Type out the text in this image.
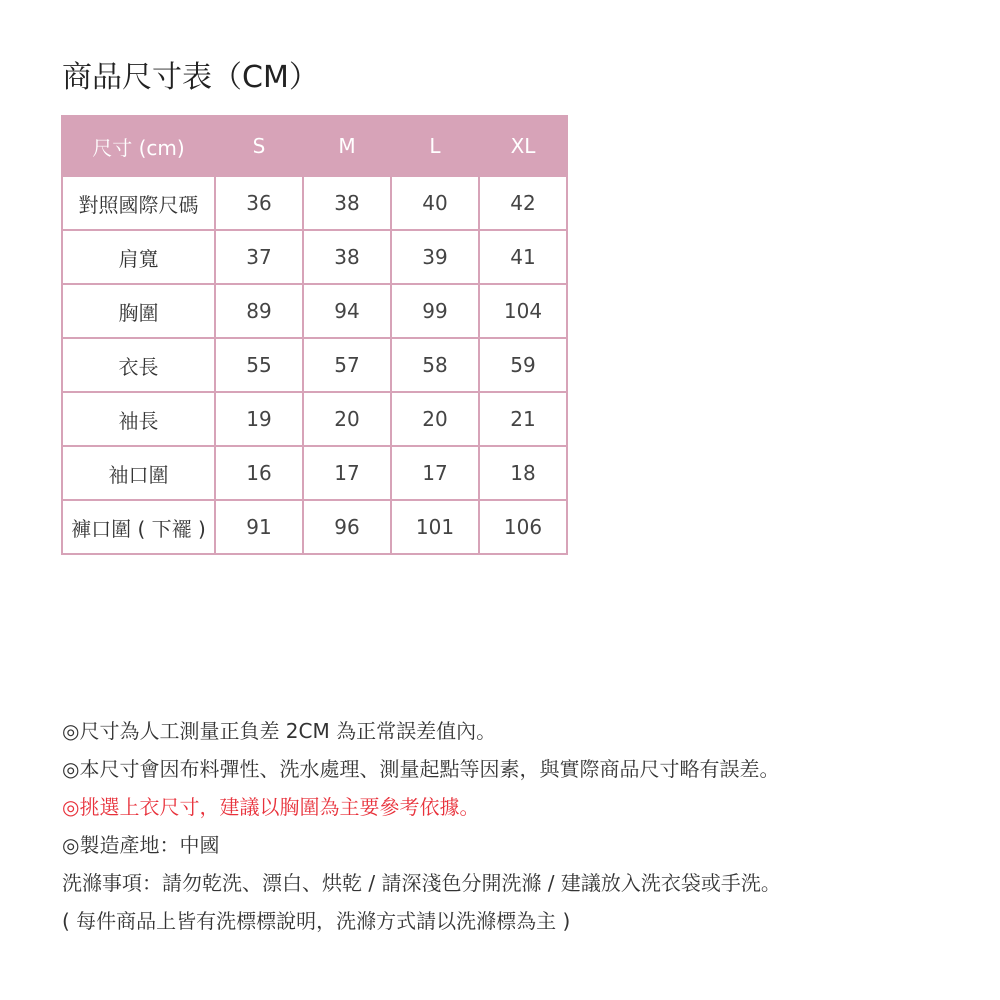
商品尺寸表（CM）
尺寸 (cm)	S	M	L	XL
對照國際尺碼	36	38	40	42
肩寬	37	38	39	41
胸圍	89	94	99	104
衣長	55	57	58	59
袖長	19	20	20	21
袖口圍	16	17	17	18
褲口圍 ( 下襬 )	91	96	101	106
◎尺寸為人工測量正負差 2CM 為正常誤差值內。
◎本尺寸會因布料彈性、洗水處理、測量起點等因素，與實際商品尺寸略有誤差。
◎挑選上衣尺寸，建議以胸圍為主要參考依據。
◎製造產地：中國
洗滌事項：請勿乾洗、漂白、烘乾 / 請深淺色分開洗滌 / 建議放入洗衣袋或手洗。
( 每件商品上皆有洗標標說明，洗滌方式請以洗滌標為主 )
